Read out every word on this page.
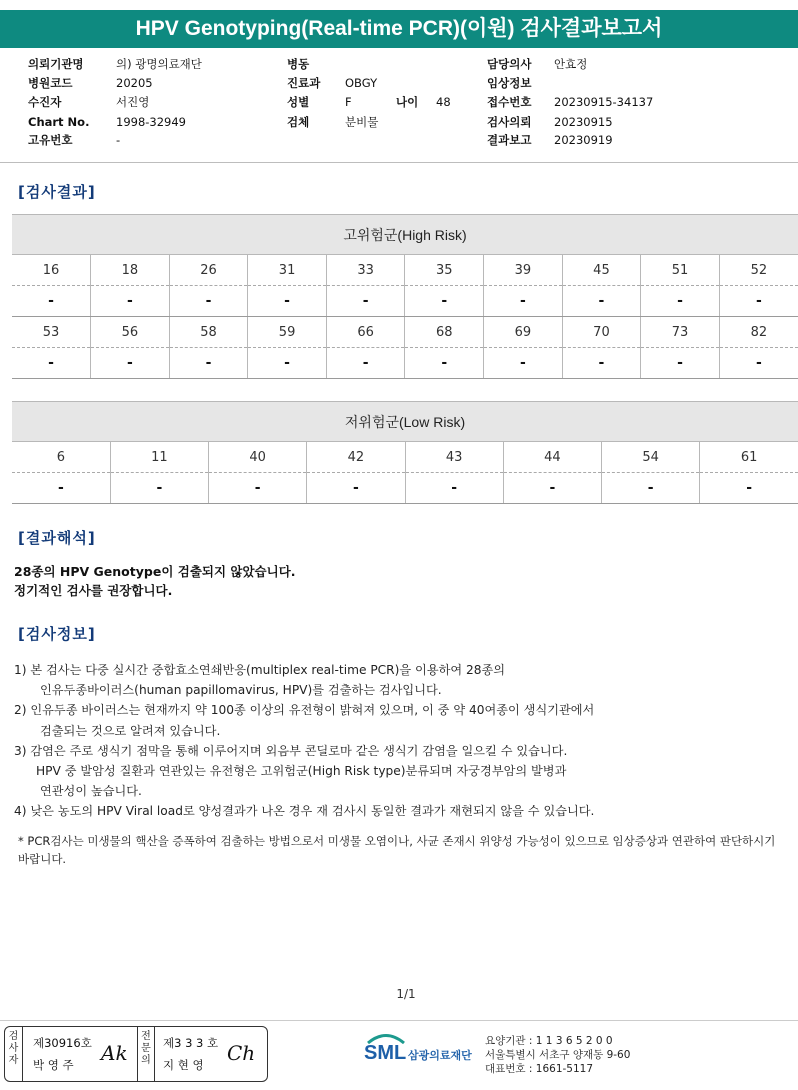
HPV Genotyping(Real-time PCR)(이원) 검사결과보고서
의뢰기관명	의) 광명의료재단	병동	담당의사 안효정
병원코드	20205	진료과 OBGY	임상정보
수진자	서진영	성별	F	나이 48	접수번호 20230915-34137
Chart No. 1998-32949	검체	분비물	검사의뢰 20230915
고유번호	-	결과보고 20230919
[검사결과]
고위험군(High Risk)									
16	18	26	31	33	35	39	45	51	52
-	-	-	-	-	-	-	-	-	-
53	56	58	59	66	68	69	70	73	82
-	-	-	-	-	-	-	-	-	-
저위험군(Low Risk)							
6	11	40	42	43	44	54	61
-	-	-	-	-	-	-	-
[결과해석]
28종의 HPV Genotype이 검출되지 않았습니다.
정기적인 검사를 권장합니다.
[검사정보]
1) 본 검사는 다중 실시간 중합효소연쇄반응(multiplex real-time PCR)을 이용하여 28종의
인유두종바이러스(human papillomavirus, HPV)를 검출하는 검사입니다.
2) 인유두종 바이러스는 현재까지 약 100종 이상의 유전형이 밝혀져 있으며, 이 중 약 40여종이 생식기관에서
검출되는 것으로 알려져 있습니다.
3) 감염은 주로 생식기 점막을 통해 이루어지며 외음부 콘딜로마 같은 생식기 감염을 일으킬 수 있습니다.
HPV 중 발암성 질환과 연관있는 유전형은 고위험군(High Risk type)분류되며 자궁경부암의 발병과
연관성이 높습니다.
4) 낮은 농도의 HPV Viral load로 양성결과가 나온 경우 재 검사시 동일한 결과가 재현되지 않을 수 있습니다.
* PCR검사는 미생물의 핵산을 증폭하여 검출하는 방법으로서 미생물 오염이나, 사균 존재시 위양성 가능성이 있으므로 임상증상과 연관하여 판단하시기 바랍니다.
1/1
검사자
제30916호
박 영 주 Ak
전문의
제3 3 3 호
지 현 영 Ch	SML 삼광의료재단
요양기관 : 1 1 3 6 5 2 0 0
서울특별시 서초구 양재동 9-60
대표번호 : 1661-5117
